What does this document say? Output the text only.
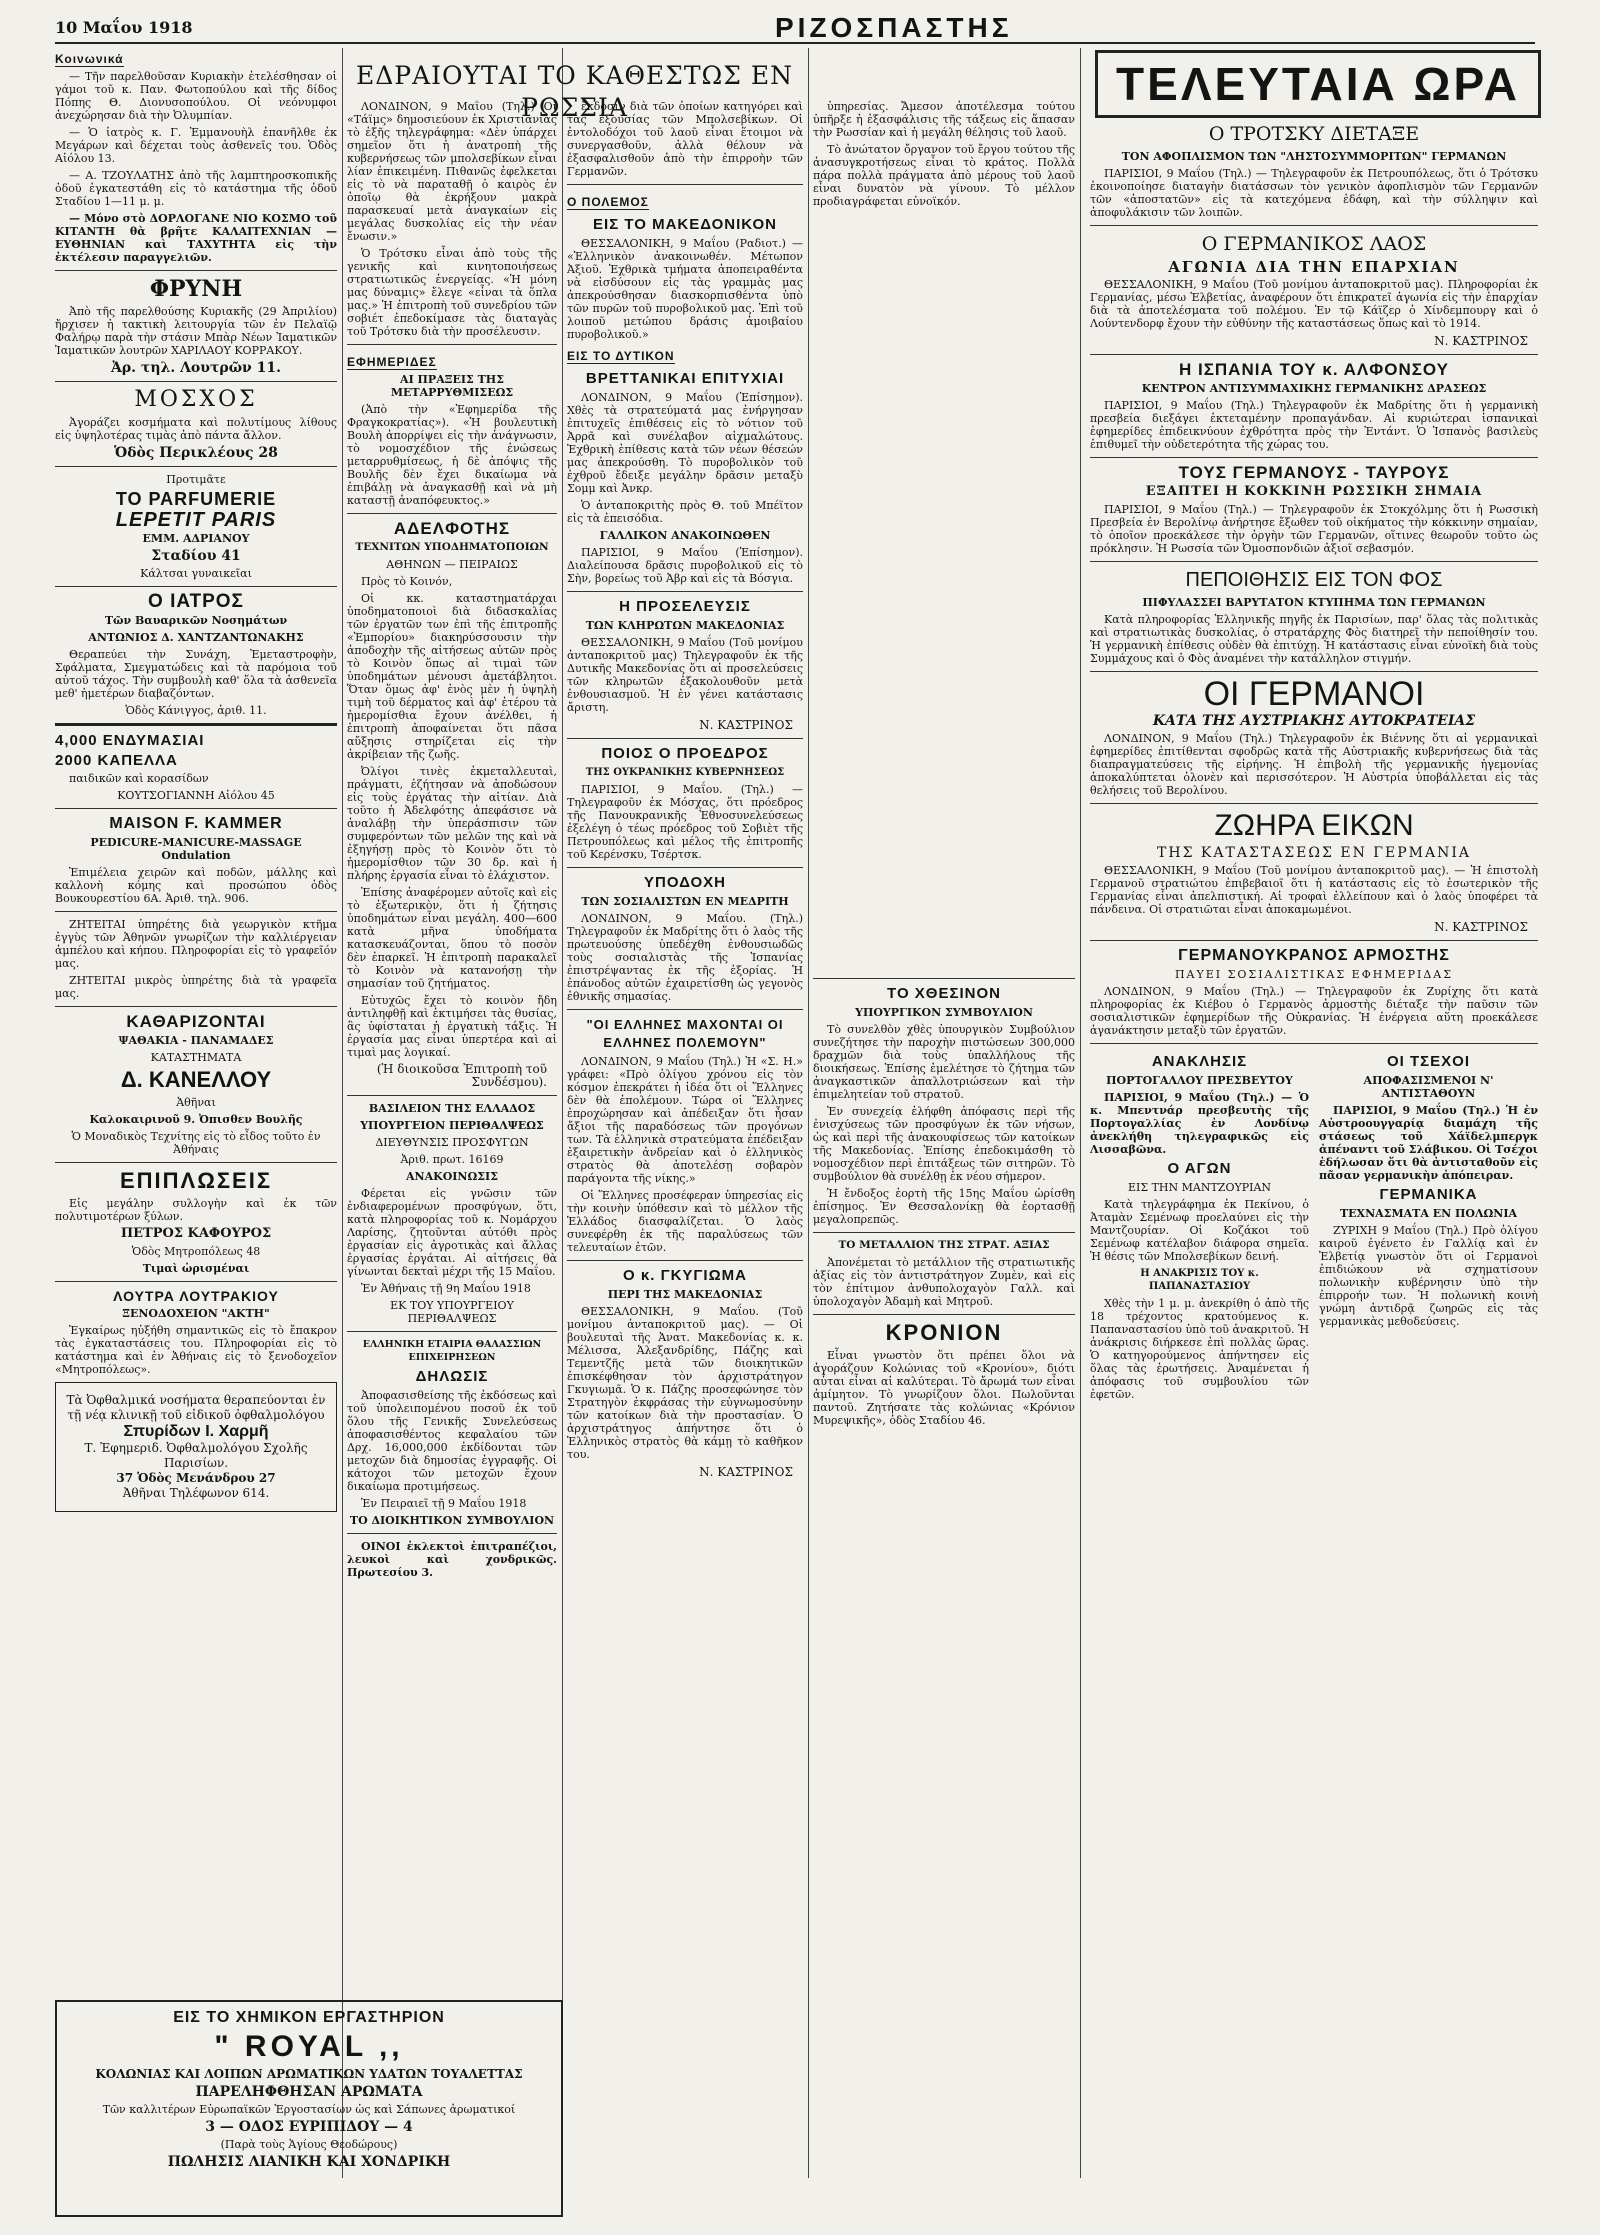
10 Μαΐου 1918	ΡΙΖΟΣΠΑΣΤΗΣ
Κοινωνικά

— Τῆν παρελθοῦσαν Κυριακὴν ἐτελέσθησαν οἱ γάμοι τοῦ κ. Παν. Φωτοπούλου καὶ τῆς δίδος Πόπης Θ. Διονυσοπούλου. Οἱ νεόνυμφοι ἀνεχώρησαν διὰ τὴν Ὀλυμπίαν.

— Ὁ ἰατρὸς κ. Γ. Ἐμμανουὴλ ἐπανῆλθε ἐκ Μεγάρων καὶ δέχεται τοὺς ἀσθενεῖς του. Ὁδὸς Αἰόλου 13.

— Α. ΤΖΟΥΛΑΤΗΣ ἀπὸ τῆς λαμπτηροσκοπικῆς ὁδοῦ ἐγκατεστάθη εἰς τὸ κατάστημα τῆς ὁδοῦ Σταδίου 1—11 μ. μ.

— Μόνο στὸ ΔΟΡΛΟΓΑΝΕ ΝΙΟ ΚΟΣΜΟ τοῦ ΚΙΤΑΝΤΗ θὰ βρῆτε ΚΑΛΑΙΤΕΧΝΙΑΝ — ΕΥΘΗΝΙΑΝ καὶ ΤΑΧΥΤΗΤΑ εἰς τὴν ἐκτέλεσιν παραγγελιῶν.

ΦΡΥΝΗ

Ἀπὸ τῆς παρελθούσης Κυριακῆς (29 Ἀπριλίου) ἤρχισεν ἡ τακτικὴ λειτουργία τῶν ἐν Πελαϊῷ Φαλήρῳ παρὰ τὴν στάσιν Μπὰρ Νέων Ἰαματικῶν Ἰαματικῶν λουτρῶν ΧΑΡΙΛΑΟΥ ΚΟΡΡΑΚΟΥ.

Ἀρ. τηλ. Λουτρῶν 11.

ΜΟΣΧΟΣ

Ἀγοράζει κοσμήματα καὶ πολυτίμους λίθους εἰς ὑψηλοτέρας τιμὰς ἀπὸ πάντα ἄλλον.

Ὁδὸς Περικλέους 28

Προτιμᾶτε

ΤΟ PARFUMERIE
LEPETIT PARIS

ΕΜΜ. ΑΔΡΙΑΝΟΥ

Σταδίου 41

Κάλτσαι γυναικεῖαι

Ο ΙΑΤΡΟΣ

Τῶν Βαυαρικῶν Νοσημάτων

ΑΝΤΩΝΙΟΣ Δ. ΧΑΝΤΖΑΝΤΩΝΑΚΗΣ

Θεραπεύει τὴν Συνάχη, Ἐμεταστροφὴν, Σφάλματα, Σμεγματώδεις καὶ τὰ παρόμοια τοῦ αὐτοῦ τάχος. Τὴν συμβουλὴ καθ' ὅλα τὰ ἀσθενεῖα μεθ' ἡμετέρων διαβαζόντων.

Ὁδὸς Κάνιγγος, ἀριθ. 11.

4,000 ΕΝΔΥΜΑΣΙΑΙ
2000 ΚΑΠΕΛΛΑ

παιδικῶν καὶ κορασίδων

ΚΟΥΤΣΟΓΙΑΝΝΗ Αἰόλου 45

MAISON F. KAMMER

PEDICURE-MANICURE-MASSAGE Ondulation

Ἐπιμέλεια χειρῶν καὶ ποδῶν, μάλλης καὶ καλλονὴ κόμης καὶ προσώπου ὁδὸς Βουκουρεστίου 6Α. Ἀριθ. τηλ. 906.

ΖΗΤΕΙΤΑΙ ὑπηρέτης διὰ γεωργικὸν κτῆμα ἐγγὺς τῶν Ἀθηνῶν γνωρίζων τὴν καλλιέργειαν ἀμπέλου καὶ κήπου. Πληροφορίαι εἰς τὸ γραφεῖόν μας.

ΖΗΤΕΙΤΑΙ μικρὸς ὑπηρέτης διὰ τὰ γραφεῖα μας.

ΚΑΘΑΡΙΖΟΝΤΑΙ

ΨΑΘΑΚΙΑ - ΠΑΝΑΜΑΔΕΣ

ΚΑΤΑΣΤΗΜΑΤΑ

Δ. ΚΑΝΕΛΛΟΥ

Ἀθῆναι

Καλοκαιρινοῦ 9. Ὀπισθεν Βουλῆς

Ὁ Μοναδικὸς Τεχνίτης εἰς τὸ εἶδος τοῦτο ἐν Ἀθήναις

ΕΠΙΠΛΩΣΕΙΣ

Εἰς μεγάλην συλλογὴν καὶ ἐκ τῶν πολυτιμοτέρων ξύλων.

ΠΕΤΡΟΣ ΚΑΦΟΥΡΟΣ

Ὁδὸς Μητροπόλεως 48

Τιμαὶ ὡρισμέναι

ΛΟΥΤΡΑ ΛΟΥΤΡΑΚΙΟΥ

ΞΕΝΟΔΟΧΕΙΟΝ "ΑΚΤΗ"

Ἐγκαίρως ηὐξήθη σημαντικῶς εἰς τὸ ἔπακρον τὰς ἐγκαταστάσεις του. Πληροφορίαι εἰς τὸ κατάστημα καὶ ἐν Ἀθήναις εἰς τὸ ξενοδοχεῖον «Μητροπόλεως».

Τὰ Ὀφθαλμικά νοσήματα θεραπεύονται ἐν τῇ νέᾳ κλινικῇ τοῦ εἰδικοῦ ὀφθαλμολόγου
Σπυρίδων Ι. Χαρμῆ
Τ. Ἐφημεριδ. Ὀφθαλμολόγου Σχολῆς Παρισίων.
37 Ὁδὸς Μενάνδρου 27
Ἀθῆναι Τηλέφωνον 614.
ΕΔΡΑΙΟΥΤΑΙ ΤΟ ΚΑΘΕΣΤΩΣ ΕΝ ΡΩΣΣΙΑ

ΛΟΝΔΙΝΟΝ, 9 Μαΐου (Τηλ.) Οἱ «Τάϊμς» δημοσιεύουν ἐκ Χριστιανίας τὸ ἑξῆς τηλεγράφημα: «Δὲν ὑπάρχει σημεῖον ὅτι ἡ ἀνατροπὴ τῆς κυβερνήσεως τῶν μπολσεβίκων εἶναι λίαν ἐπικειμένη. Πιθανῶς ἐφελκεται εἰς τὸ νὰ παραταθῇ ὁ καιρὸς ἐν ὁποῖῳ θὰ ἐκρήξουν μακρὰ παρασκευαί μετὰ ἀναγκαίων εἰς μεγάλας δυσκολίας εἰς τὴν νέαν ἔνωσιν.»

Ὁ Τρότσκυ εἶναι ἀπὸ τοὺς τῆς γενικῆς καὶ κινητοποιήσεως στρατιωτικῶς ἐνεργείας. «Ἡ μόνη μας δύναμις» ἔλεγε «εἶναι τὰ ὅπλα μας.» Ἡ ἐπιτροπὴ τοῦ συνεδρίου τῶν σοβιέτ ἐπεδοκίμασε τὰς διαταγὰς τοῦ Τρότσκυ διὰ τὴν προσέλευσιν.

ΕΦΗΜΕΡΙΔΕΣ

ΑΙ ΠΡΑΞΕΙΣ ΤΗΣ ΜΕΤΑΡΡΥΘΜΙΣΕΩΣ

(Ἀπὸ τὴν «Ἐφημερίδα τῆς Φραγκοκρατίας»). «Ἡ βουλευτικὴ Βουλὴ ἀπορρίψει εἰς τὴν ἀνάγνωσιν, τὸ νομοσχέδιον τῆς ἐνώσεως μεταρρυθμίσεως, ἡ δὲ ἀπόψις τῆς Βουλῆς δὲν ἔχει δικαίωμα νὰ ἐπιβάλῃ νὰ ἀναγκασθῇ καὶ νὰ μὴ καταστῇ ἀναπόφευκτος.»

ΑΔΕΛΦΟΤΗΣ

ΤΕΧΝΙΤΩΝ ΥΠΟΔΗΜΑΤΟΠΟΙΩΝ

ΑΘΗΝΩΝ — ΠΕΙΡΑΙΩΣ

Πρὸς τὸ Κοινόν,

Οἱ κκ. καταστηματάρχαι ὑποδηματοποιοὶ διὰ διδασκαλίας τῶν ἐργατῶν των ἐπὶ τῆς ἐπιτροπῆς «Ἐμπορίου» διακηρύσσουσιν τὴν ἀποδοχὴν τῆς αἰτήσεως αὐτῶν πρὸς τὸ Κοινὸν ὅπως αἱ τιμαὶ τῶν ὑποδημάτων μένουσι ἀμετάβλητοι. Ὅταν ὅμως ἀφ' ἑνὸς μὲν ἡ ὑψηλὴ τιμὴ τοῦ δέρματος καὶ ἀφ' ἑτέρου τὰ ἡμερομίσθια ἔχουν ἀνέλθει, ἡ ἐπιτροπὴ ἀποφαίνεται ὅτι πᾶσα αὔξησις στηρίζεται εἰς τὴν ἀκρίβειαν τῆς ζωῆς.

Ὀλίγοι τινὲς ἐκμεταλλευταὶ, πράγματι, ἐζήτησαν νὰ ἀποδώσουν εἰς τοὺς ἐργάτας τὴν αἰτίαν. Διὰ τοῦτο ἡ Ἀδελφότης ἀπεφάσισε νὰ ἀναλάβῃ τὴν ὑπεράσπισιν τῶν συμφερόντων τῶν μελῶν της καὶ νὰ ἐξηγήσῃ πρὸς τὸ Κοινὸν ὅτι τὸ ἡμερομίσθιον τῶν 30 δρ. καὶ ἡ πλήρης ἐργασία εἶναι τὸ ἐλάχιστον.

Ἐπίσης ἀναφέρομεν αὐτοῖς καὶ εἰς τὸ ἐξωτερικὸν, ὅτι ἡ ζήτησις ὑποδημάτων εἶναι μεγάλη. 400—600 κατὰ μῆνα ὑποδήματα κατασκευάζονται, ὅπου τὸ ποσὸν δὲν ἐπαρκεῖ. Ἡ ἐπιτροπὴ παρακαλεῖ τὸ Κοινὸν νὰ κατανοήσῃ τὴν σημασίαν τοῦ ζητήματος.

Εὐτυχῶς ἔχει τὸ κοινὸν ἤδη ἀντιληφθῇ καὶ ἐκτιμήσει τὰς θυσίας, ἃς ὑφίσταται ἡ ἐργατικὴ τάξις. Ἡ ἐργασία μας εἶναι ὑπερτέρα καὶ αἱ τιμαὶ μας λογικαί.

(Ἡ διοικοῦσα Ἐπιτροπὴ τοῦ Συνδέσμου).

ΒΑΣΙΛΕΙΟΝ ΤΗΣ ΕΛΛΑΔΟΣ

ΥΠΟΥΡΓΕΙΟΝ ΠΕΡΙΘΑΛΨΕΩΣ

ΔΙΕΥΘΥΝΣΙΣ ΠΡΟΣΦΥΓΩΝ

Ἀριθ. πρωτ. 16169

ΑΝΑΚΟΙΝΩΣΙΣ

Φέρεται εἰς γνῶσιν τῶν ἐνδιαφερομένων προσφύγων, ὅτι, κατὰ πληροφορίας τοῦ κ. Νομάρχου Λαρίσης, ζητοῦνται αὐτόθι πρὸς ἐργασίαν εἰς ἀγροτικὰς καὶ ἄλλας ἐργασίας ἐργάται. Αἱ αἰτήσεις θὰ γίνωνται δεκταὶ μέχρι τῆς 15 Μαΐου.

Ἐν Ἀθήναις τῇ 9η Μαΐου 1918

ΕΚ ΤΟΥ ΥΠΟΥΡΓΕΙΟΥ ΠΕΡΙΘΑΛΨΕΩΣ

ΕΛΛΗΝΙΚΗ ΕΤΑΙΡΙΑ ΘΑΛΑΣΣΙΩΝ ΕΠΙΧΕΙΡΗΣΕΩΝ

ΔΗΛΩΣΙΣ

Ἀποφασισθείσης τῆς ἐκδόσεως καὶ τοῦ ὑπολειπομένου ποσοῦ ἐκ τοῦ ὅλου τῆς Γενικῆς Συνελεύσεως ἀποφασισθέντος κεφαλαίου τῶν Δρχ. 16,000,000 ἐκδίδονται τῶν μετοχῶν διὰ δημοσίας ἐγγραφῆς. Οἱ κάτοχοι τῶν μετοχῶν ἔχουν δικαίωμα προτιμήσεως.

Ἐν Πειραιεῖ τῇ 9 Μαΐου 1918

ΤΟ ΔΙΟΙΚΗΤΙΚΟΝ ΣΥΜΒΟΥΛΙΟΝ

ΟΙΝΟΙ ἐκλεκτοὶ ἐπιτραπέζιοι, λευκοὶ καὶ χονδρικῶς. Πρωτεσίου 3.

ἔκδοσιν διὰ τῶν ὁποίων κατηγόρει καὶ τὰς ἐξουσίας τῶν Μπολσεβίκων. Οἱ ἐντολοδόχοι τοῦ λαοῦ εἶναι ἕτοιμοι νὰ συνεργασθοῦν, ἀλλὰ θέλουν νὰ ἐξασφαλισθοῦν ἀπὸ τὴν ἐπιρροὴν τῶν Γερμανῶν.

Ο ΠΟΛΕΜΟΣ
ΕΙΣ ΤΟ ΜΑΚΕΔΟΝΙΚΟΝ

ΘΕΣΣΑΛΟΝΙΚΗ, 9 Μαΐου (Ραδιοτ.) — «Ἑλληνικὸν ἀνακοινωθέν. Μέτωπον Ἀξιοῦ. Ἐχθρικὰ τμήματα ἀποπειραθέντα νὰ εἰσδύσουν εἰς τὰς γραμμὰς μας ἀπεκρούσθησαν διασκορπισθέντα ὑπὸ τῶν πυρῶν τοῦ πυροβολικοῦ μας. Ἐπὶ τοῦ λοιποῦ μετώπου δράσις ἀμοιβαίου πυροβολικοῦ.»

ΕΙΣ ΤΟ ΔΥΤΙΚΟΝ
ΒΡΕΤΤΑΝΙΚΑΙ ΕΠΙΤΥΧΙΑΙ

ΛΟΝΔΙΝΟΝ, 9 Μαΐου (Ἐπίσημον). Χθὲς τὰ στρατεύματά μας ἐνήργησαν ἐπιτυχεῖς ἐπιθέσεις εἰς τὸ νότιον τοῦ Ἀρρᾶ καὶ συνέλαβον αἰχμαλώτους. Ἐχθρικὴ ἐπίθεσις κατὰ τῶν νέων θέσεών μας ἀπεκρούσθη. Τὸ πυροβολικὸν τοῦ ἐχθροῦ ἔδειξε μεγάλην δρᾶσιν μεταξὺ Σομμ καὶ Ἀνκρ.

Ὁ ἀνταποκριτὴς πρὸς Θ. τοῦ Μπέϊτον εἰς τὰ ἐπεισόδια.

ΓΑΛΛΙΚΟΝ ΑΝΑΚΟΙΝΩΘΕΝ

ΠΑΡΙΣΙΟΙ, 9 Μαΐου (Ἐπίσημον). Διαλείπουσα δρᾶσις πυροβολικοῦ εἰς τὸ Σὴν, βορείως τοῦ Ἀβρ καὶ εἰς τὰ Βόσγια.

Η ΠΡΟΣΕΛΕΥΣΙΣ

ΤΩΝ ΚΛΗΡΩΤΩΝ ΜΑΚΕΔΟΝΙΑΣ

ΘΕΣΣΑΛΟΝΙΚΗ, 9 Μαΐου (Τοῦ μονίμου ἀνταποκριτοῦ μας) Τηλεγραφοῦν ἐκ τῆς Δυτικῆς Μακεδονίας ὅτι αἱ προσελεύσεις τῶν κληρωτῶν ἐξακολουθοῦν μετὰ ἐνθουσιασμοῦ. Ἡ ἐν γένει κατάστασις ἄριστη.

Ν. ΚΑΣΤΡΙΝΟΣ

ΠΟΙΟΣ Ο ΠΡΟΕΔΡΟΣ

ΤΗΣ ΟΥΚΡΑΝΙΚΗΣ ΚΥΒΕΡΝΗΣΕΩΣ

ΠΑΡΙΣΙΟΙ, 9 Μαΐου. (Τηλ.) — Τηλεγραφοῦν ἐκ Μόσχας, ὅτι πρόεδρος τῆς Πανουκρανικῆς Ἐθνοσυνελεύσεως ἐξελέγη ὁ τέως πρόεδρος τοῦ Σοβιὲτ τῆς Πετρουπόλεως καὶ μέλος τῆς ἐπιτροπῆς τοῦ Κερένσκυ, Τσέρτσκ.

ΥΠΟΔΟΧΗ

ΤΩΝ ΣΟΣΙΑΛΙΣΤΩΝ ΕΝ ΜΕΔΡΙΤΗ

ΛΟΝΔΙΝΟΝ, 9 Μαΐου. (Τηλ.) Τηλεγραφοῦν ἐκ Μαδρίτης ὅτι ὁ λαὸς τῆς πρωτευούσης ὑπεδέχθη ἐνθουσιωδῶς τοὺς σοσιαλιστὰς τῆς Ἰσπανίας ἐπιστρέψαντας ἐκ τῆς ἐξορίας. Ἡ ἐπάνοδος αὐτῶν ἐχαιρετίσθη ὡς γεγονὸς ἐθνικῆς σημασίας.

"ΟΙ ΕΛΛΗΝΕΣ ΜΑΧΟΝΤΑΙ ΟΙ ΕΛΛΗΝΕΣ ΠΟΛΕΜΟΥΝ"

ΛΟΝΔΙΝΟΝ, 9 Μαΐου (Τηλ.) Ἡ «Σ. Η.» γράφει: «Πρὸ ὀλίγου χρόνου εἰς τὸν κόσμον ἐπεκράτει ἡ ἰδέα ὅτι οἱ Ἕλληνες δὲν θὰ ἐπολέμουν. Τώρα οἱ Ἕλληνες ἐπροχώρησαν καὶ ἀπέδειξαν ὅτι ἦσαν ἄξιοι τῆς παραδόσεως τῶν προγόνων των. Τὰ ἑλληνικὰ στρατεύματα ἐπέδειξαν ἐξαιρετικὴν ἀνδρείαν καὶ ὁ ἑλληνικὸς στρατὸς θὰ ἀποτελέσῃ σοβαρὸν παράγοντα τῆς νίκης.»

Οἱ Ἕλληνες προσέφεραν ὑπηρεσίας εἰς τὴν κοινὴν ὑπόθεσιν καὶ τὸ μέλλον τῆς Ἑλλάδος διασφαλίζεται. Ὁ λαὸς συνεφέρθη ἐκ τῆς παραλύσεως τῶν τελευταίων ἐτῶν.

Ο κ. ΓΚΥΓΙΩΜΑ

ΠΕΡΙ ΤΗΣ ΜΑΚΕΔΟΝΙΑΣ

ΘΕΣΣΑΛΟΝΙΚΗ, 9 Μαΐου. (Τοῦ μονίμου ἀνταποκριτοῦ μας). — Οἱ βουλευταὶ τῆς Ἀνατ. Μακεδονίας κ. κ. Μέλισσα, Ἀλεξανδρίδης, Πάζης καὶ Τεμεντζῆς μετὰ τῶν διοικητικῶν ἐπισκέφθησαν τὸν ἀρχιστράτηγον Γκυγιωμᾶ. Ὁ κ. Πάζης προσεφώνησε τὸν Στρατηγὸν ἐκφράσας τὴν εὐγνωμοσύνην τῶν κατοίκων διὰ τὴν προστασίαν. Ὁ ἀρχιστράτηγος ἀπήντησε ὅτι ὁ Ἑλληνικὸς στρατὸς θὰ κάμῃ τὸ καθῆκον του.

Ν. ΚΑΣΤΡΙΝΟΣ

ὑπηρεσίας. Ἄμεσον ἀποτέλεσμα τούτου ὑπῆρξε ἡ ἐξασφάλισις τῆς τάξεως εἰς ἅπασαν τὴν Ρωσσίαν καὶ ἡ μεγάλη θέλησις τοῦ λαοῦ.

Τὸ ἀνώτατον ὄργανον τοῦ ἔργου τούτου τῆς ἀνασυγκροτήσεως εἶναι τὸ κράτος. Πολλὰ πάρα πολλὰ πράγματα ἀπὸ μέρους τοῦ λαοῦ εἶναι δυνατὸν νὰ γίνουν. Τὸ μέλλον προδιαγράφεται εὐνοϊκόν.

ΤΟ ΧΘΕΣΙΝΟΝ

ΥΠΟΥΡΓΙΚΟΝ ΣΥΜΒΟΥΛΙΟΝ

Τὸ συνελθὸν χθὲς ὑπουργικὸν Συμβούλιον συνεζήτησε τὴν παροχὴν πιστώσεων 300,000 δραχμῶν διὰ τοὺς ὑπαλλήλους τῆς διοικήσεως. Ἐπίσης ἐμελέτησε τὸ ζήτημα τῶν ἀναγκαστικῶν ἀπαλλοτριώσεων καὶ τὴν ἐπιμελητείαν τοῦ στρατοῦ.

Ἐν συνεχείᾳ ἐλήφθη ἀπόφασις περὶ τῆς ἐνισχύσεως τῶν προσφύγων ἐκ τῶν νήσων, ὡς καὶ περὶ τῆς ἀνακουφίσεως τῶν κατοίκων τῆς Μακεδονίας. Ἐπίσης ἐπεδοκιμάσθη τὸ νομοσχέδιον περὶ ἐπιτάξεως τῶν σιτηρῶν. Τὸ συμβούλιον θὰ συνέλθῃ ἐκ νέου σήμερον.

Ἡ ἔνδοξος ἑορτὴ τῆς 15ης Μαΐου ὡρίσθη ἐπίσημος. Ἐν Θεσσαλονίκῃ θὰ ἑορτασθῇ μεγαλοπρεπῶς.

ΤΟ ΜΕΤΑΛΛΙΟΝ ΤΗΣ ΣΤΡΑΤ. ΑΞΙΑΣ

Ἀπονέμεται τὸ μετάλλιον τῆς στρατιωτικῆς ἀξίας εἰς τὸν ἀντιστράτηγον Ζυμὲν, καὶ εἰς τὸν ἐπίτιμον ἀνθυπολοχαγὸν Γαλλ. καὶ ὑπολοχαγὸν Ἀδαμὴ καὶ Μητροῦ.

ΚΡΟΝΙΟΝ

Εἶναι γνωστὸν ὅτι πρέπει ὅλοι νὰ ἀγοράζουν Κολώνιας τοῦ «Κρονίου», διότι αὗται εἶναι αἱ καλύτεραι. Τὸ ἄρωμά των εἶναι ἀμίμητον. Τὸ γνωρίζουν ὅλοι. Πωλοῦνται παντοῦ. Ζητήσατε τὰς κολώνιας «Κρόνιον Μυρεψικῆς», ὁδὸς Σταδίου 46.

ΤΕΛΕΥΤΑΙΑ ΩΡΑ
Ο ΤΡΟΤΣΚΥ ΔΙΕΤΑΞΕ

ΤΟΝ ΑΦΟΠΛΙΣΜΟΝ ΤΩΝ "ΛΗΣΤΟΣΥΜΜΟΡΙΤΩΝ" ΓΕΡΜΑΝΩΝ

ΠΑΡΙΣΙΟΙ, 9 Μαΐου (Τηλ.) — Τηλεγραφοῦν ἐκ Πετρουπόλεως, ὅτι ὁ Τρότσκυ ἐκοινοποίησε διαταγὴν διατάσσων τὸν γενικὸν ἀφοπλισμὸν τῶν Γερμανῶν τῶν «ἀποστατῶν» εἰς τὰ κατεχόμενα ἐδάφη, καὶ τὴν σύλληψιν καὶ ἀποφυλάκισιν τῶν λοιπῶν.

Ο ΓΕΡΜΑΝΙΚΟΣ ΛΑΟΣ

ΑΓΩΝΙΑ ΔΙΑ ΤΗΝ ΕΠΑΡΧΙΑΝ

ΘΕΣΣΑΛΟΝΙΚΗ, 9 Μαΐου (Τοῦ μονίμου ἀνταποκριτοῦ μας). Πληροφορίαι ἐκ Γερμανίας, μέσω Ἑλβετίας, ἀναφέρουν ὅτι ἐπικρατεῖ ἀγωνία εἰς τὴν ἐπαρχίαν διὰ τὰ ἀποτελέσματα τοῦ πολέμου. Ἐν τῷ Κάϊζερ ὁ Χίνδεμπουργ καὶ ὁ Λούντενδορφ ἔχουν τὴν εὐθύνην τῆς καταστάσεως ὅπως καὶ τὸ 1914.

Ν. ΚΑΣΤΡΙΝΟΣ

Η ΙΣΠΑΝΙΑ ΤΟΥ κ. ΑΛΦΟΝΣΟΥ

ΚΕΝΤΡΟΝ ΑΝΤΙΣΥΜΜΑΧΙΚΗΣ ΓΕΡΜΑΝΙΚΗΣ ΔΡΑΣΕΩΣ

ΠΑΡΙΣΙΟΙ, 9 Μαΐου (Τηλ.) Τηλεγραφοῦν ἐκ Μαδρίτης ὅτι ἡ γερμανικὴ πρεσβεία διεξάγει ἐκτεταμένην προπαγάνδαν. Αἱ κυριώτεραι ἰσπανικαὶ ἐφημερίδες ἐπιδεικνύουν ἐχθρότητα πρὸς τὴν Ἐντάντ. Ὁ Ἰσπανὸς βασιλεὺς ἐπιθυμεῖ τὴν οὐδετερότητα τῆς χώρας του.

ΤΟΥΣ ΓΕΡΜΑΝΟΥΣ - ΤΑΥΡΟΥΣ

ΕΞΑΠΤΕΙ Η ΚΟΚΚΙΝΗ ΡΩΣΣΙΚΗ ΣΗΜΑΙΑ

ΠΑΡΙΣΙΟΙ, 9 Μαΐου (Τηλ.) — Τηλεγραφοῦν ἐκ Στοκχόλμης ὅτι ἡ Ρωσσικὴ Πρεσβεία ἐν Βερολίνῳ ἀνήρτησε ἔξωθεν τοῦ οἰκήματος τὴν κόκκινην σημαίαν, τὸ ὁποῖον προεκάλεσε τὴν ὀργὴν τῶν Γερμανῶν, οἵτινες θεωροῦν τοῦτο ὡς πρόκλησιν. Ἡ Ρωσσία τῶν Ὀμοσπονδιῶν ἀξιοῖ σεβασμόν.

ΠΕΠΟΙΘΗΣΙΣ ΕΙΣ ΤΟΝ ΦΟΣ

ΠΙΦΥΛΑΣΣΕΙ ΒΑΡΥΤΑΤΟΝ ΚΤΥΠΗΜΑ ΤΩΝ ΓΕΡΜΑΝΩΝ

Κατὰ πληροφορίας Ἑλληνικῆς πηγῆς ἐκ Παρισίων, παρ' ὅλας τὰς πολιτικὰς καὶ στρατιωτικὰς δυσκολίας, ὁ στρατάρχης Φὸς διατηρεῖ τὴν πεποίθησίν του. Ἡ γερμανικὴ ἐπίθεσις οὐδὲν θὰ ἐπιτύχῃ. Ἡ κατάστασις εἶναι εὐνοϊκὴ διὰ τοὺς Συμμάχους καὶ ὁ Φὸς ἀναμένει τὴν κατάλληλον στιγμήν.

ΟΙ ΓΕΡΜΑΝΟΙ

ΚΑΤΑ ΤΗΣ ΑΥΣΤΡΙΑΚΗΣ ΑΥΤΟΚΡΑΤΕΙΑΣ

ΛΟΝΔΙΝΟΝ, 9 Μαΐου (Τηλ.) Τηλεγραφοῦν ἐκ Βιέννης ὅτι αἱ γερμανικαὶ ἐφημερίδες ἐπιτίθενται σφοδρῶς κατὰ τῆς Αὐστριακῆς κυβερνήσεως διὰ τὰς διαπραγματεύσεις τῆς εἰρήνης. Ἡ ἐπιβολὴ τῆς γερμανικῆς ἡγεμονίας ἀποκαλύπτεται ὁλονὲν καὶ περισσότερον. Ἡ Αὐστρία ὑποβάλλεται εἰς τὰς θελήσεις τοῦ Βερολίνου.

ΖΩΗΡΑ ΕΙΚΩΝ

ΤΗΣ ΚΑΤΑΣΤΑΣΕΩΣ ΕΝ ΓΕΡΜΑΝΙΑ

ΘΕΣΣΑΛΟΝΙΚΗ, 9 Μαΐου (Τοῦ μονίμου ἀνταποκριτοῦ μας). — Ἡ ἐπιστολὴ Γερμανοῦ στρατιώτου ἐπιβεβαιοῖ ὅτι ἡ κατάστασις εἰς τὸ ἐσωτερικὸν τῆς Γερμανίας εἶναι ἀπελπιστική. Αἱ τροφαὶ ἐλλείπουν καὶ ὁ λαὸς ὑποφέρει τὰ πάνδεινα. Οἱ στρατιῶται εἶναι ἀποκαμωμένοι.

Ν. ΚΑΣΤΡΙΝΟΣ

ΓΕΡΜΑΝΟΥΚΡΑΝΟΣ ΑΡΜΟΣΤΗΣ

ΠΑΥΕΙ ΣΟΣΙΑΛΙΣΤΙΚΑΣ ΕΦΗΜΕΡΙΔΑΣ

ΛΟΝΔΙΝΟΝ, 9 Μαΐου (Τηλ.) — Τηλεγραφοῦν ἐκ Ζυρίχης ὅτι κατὰ πληροφορίας ἐκ Κιέβου ὁ Γερμανὸς ἀρμοστὴς διέταξε τὴν παῦσιν τῶν σοσιαλιστικῶν ἐφημερίδων τῆς Οὐκρανίας. Ἡ ἐνέργεια αὕτη προεκάλεσε ἀγανάκτησιν μεταξὺ τῶν ἐργατῶν.

ΑΝΑΚΛΗΣΙΣ

ΠΟΡΤΟΓΑΛΛΟΥ ΠΡΕΣΒΕΥΤΟΥ

ΠΑΡΙΣΙΟΙ, 9 Μαΐου (Τηλ.) — Ὁ κ. Μπεντνάρ πρεσβευτὴς τῆς Πορτογαλλίας ἐν Λονδίνῳ ἀνεκλήθη τηλεγραφικῶς εἰς Λισσαβῶνα.

Ο ΑΓΩΝ

ΕΙΣ ΤΗΝ ΜΑΝΤΖΟΥΡΙΑΝ

Κατὰ τηλεγράφημα ἐκ Πεκίνου, ὁ Ἀταμὰν Σεμένωφ προελαύνει εἰς τὴν Μαντζουρίαν. Οἱ Κοζάκοι τοῦ Σεμένωφ κατέλαβον διάφορα σημεῖα. Ἡ θέσις τῶν Μπολσεβίκων δεινή.

Η ΑΝΑΚΡΙΣΙΣ ΤΟΥ κ. ΠΑΠΑΝΑΣΤΑΣΙΟΥ

Χθὲς τὴν 1 μ. μ. ἀνεκρίθη ὁ ἀπὸ τῆς 18 τρέχοντος κρατούμενος κ. Παπαναστασίου ὑπὸ τοῦ ἀνακριτοῦ. Ἡ ἀνάκρισις διήρκεσε ἐπὶ πολλὰς ὥρας. Ὁ κατηγορούμενος ἀπήντησεν εἰς ὅλας τὰς ἐρωτήσεις. Ἀναμένεται ἡ ἀπόφασις τοῦ συμβουλίου τῶν ἐφετῶν.

ΟΙ ΤΣΕΧΟΙ

ΑΠΟΦΑΣΙΣΜΕΝΟΙ Ν' ΑΝΤΙΣΤΑΘΟΥΝ

ΠΑΡΙΣΙΟΙ, 9 Μαΐου (Τηλ.) Ἡ ἐν Αὐστροουγγαρίᾳ διαμάχη τῆς στάσεως τοῦ Χάϊδελμπεργκ ἀπέναντι τοῦ Σλάβικου. Οἱ Τσέχοι ἐδήλωσαν ὅτι θὰ ἀντισταθοῦν εἰς πᾶσαν γερμανικὴν ἀπόπειραν.

ΓΕΡΜΑΝΙΚΑ

ΤΕΧΝΑΣΜΑΤΑ ΕΝ ΠΟΛΩΝΙΑ

ΖΥΡΙΧΗ 9 Μαΐου (Τηλ.) Πρὸ ὀλίγου καιροῦ ἐγένετο ἐν Γαλλίᾳ καὶ ἐν Ἐλβετίᾳ γνωστὸν ὅτι οἱ Γερμανοὶ ἐπιδιώκουν νὰ σχηματίσουν πολωνικὴν κυβέρνησιν ὑπὸ τὴν ἐπιρροήν των. Ἡ πολωνικὴ κοινὴ γνώμη ἀντιδρᾷ ζωηρῶς εἰς τὰς γερμανικὰς μεθοδεύσεις.

ΕΙΣ ΤΟ ΧΗΜΙΚΟΝ ΕΡΓΑΣΤΗΡΙΟΝ
" ROYAL ,,

ΚΟΛΩΝΙΑΣ ΚΑΙ ΛΟΙΠΩΝ ΑΡΩΜΑΤΙΚΩΝ ΥΔΑΤΩΝ ΤΟΥΑΛΕΤΤΑΣ

ΠΑΡΕΛΗΦΘΗΣΑΝ ΑΡΩΜΑΤΑ

Τῶν καλλιτέρων Εὐρωπαϊκῶν Ἐργοστασίων ὡς καὶ Σάπωνες ἀρωματικοί

3 — ΟΔΟΣ ΕΥΡΙΠΙΔΟΥ — 4

(Παρὰ τοὺς Ἁγίους Θεοδώρους)

ΠΩΛΗΣΙΣ ΛΙΑΝΙΚΗ ΚΑΙ ΧΟΝΔΡΙΚΗ
